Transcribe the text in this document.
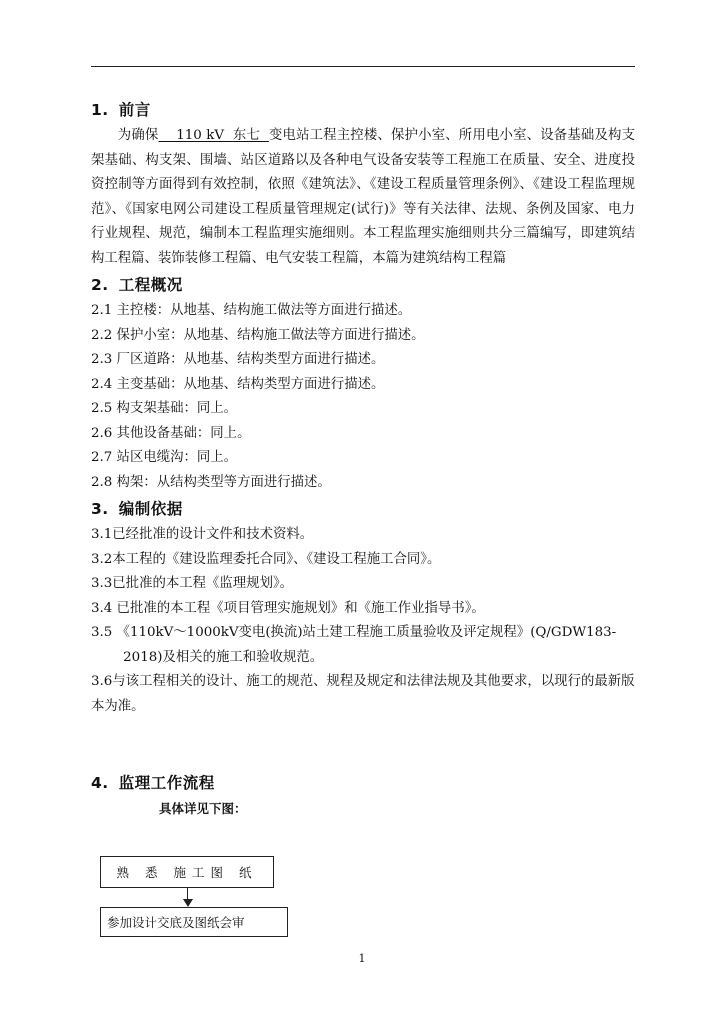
1. 前言

为确保    110 kV  东七  变电站工程主控楼、保护小室、所用电小室、设备基础及构支架基础、构支架、围墙、站区道路以及各种电气设备安装等工程施工在质量、安全、进度投资控制等方面得到有效控制，依照《建筑法》、《建设工程质量管理条例》、《建设工程监理规范》、《国家电网公司建设工程质量管理规定(试行)》等有关法律、法规、条例及国家、电力行业规程、规范，编制本工程监理实施细则。本工程监理实施细则共分三篇编写，即建筑结构工程篇、装饰装修工程篇、电气安装工程篇，本篇为建筑结构工程篇

2. 工程概况

2.1 主控楼：从地基、结构施工做法等方面进行描述。

2.2 保护小室：从地基、结构施工做法等方面进行描述。

2.3 厂区道路：从地基、结构类型方面进行描述。

2.4 主变基础：从地基、结构类型方面进行描述。

2.5 构支架基础：同上。

2.6 其他设备基础：同上。

2.7 站区电缆沟：同上。

2.8 构架：从结构类型等方面进行描述。

3. 编制依据

3.1已经批准的设计文件和技术资料。

3.2本工程的《建设监理委托合同》、《建设工程施工合同》。

3.3已批准的本工程《监理规划》。

3.4 已批准的本工程《项目管理实施规划》和《施工作业指导书》。

3.5 《110kV～1000kV变电(换流)站土建工程施工质量验收及评定规程》(Q/GDW183-2018)及相关的施工和验收规范。

3.6与该工程相关的设计、施工的规范、规程及规定和法律法规及其他要求，以现行的最新版本为准。

4. 监理工作流程

具体详见下图：

熟 悉 施工图 纸
参加设计交底及图纸会审
1
